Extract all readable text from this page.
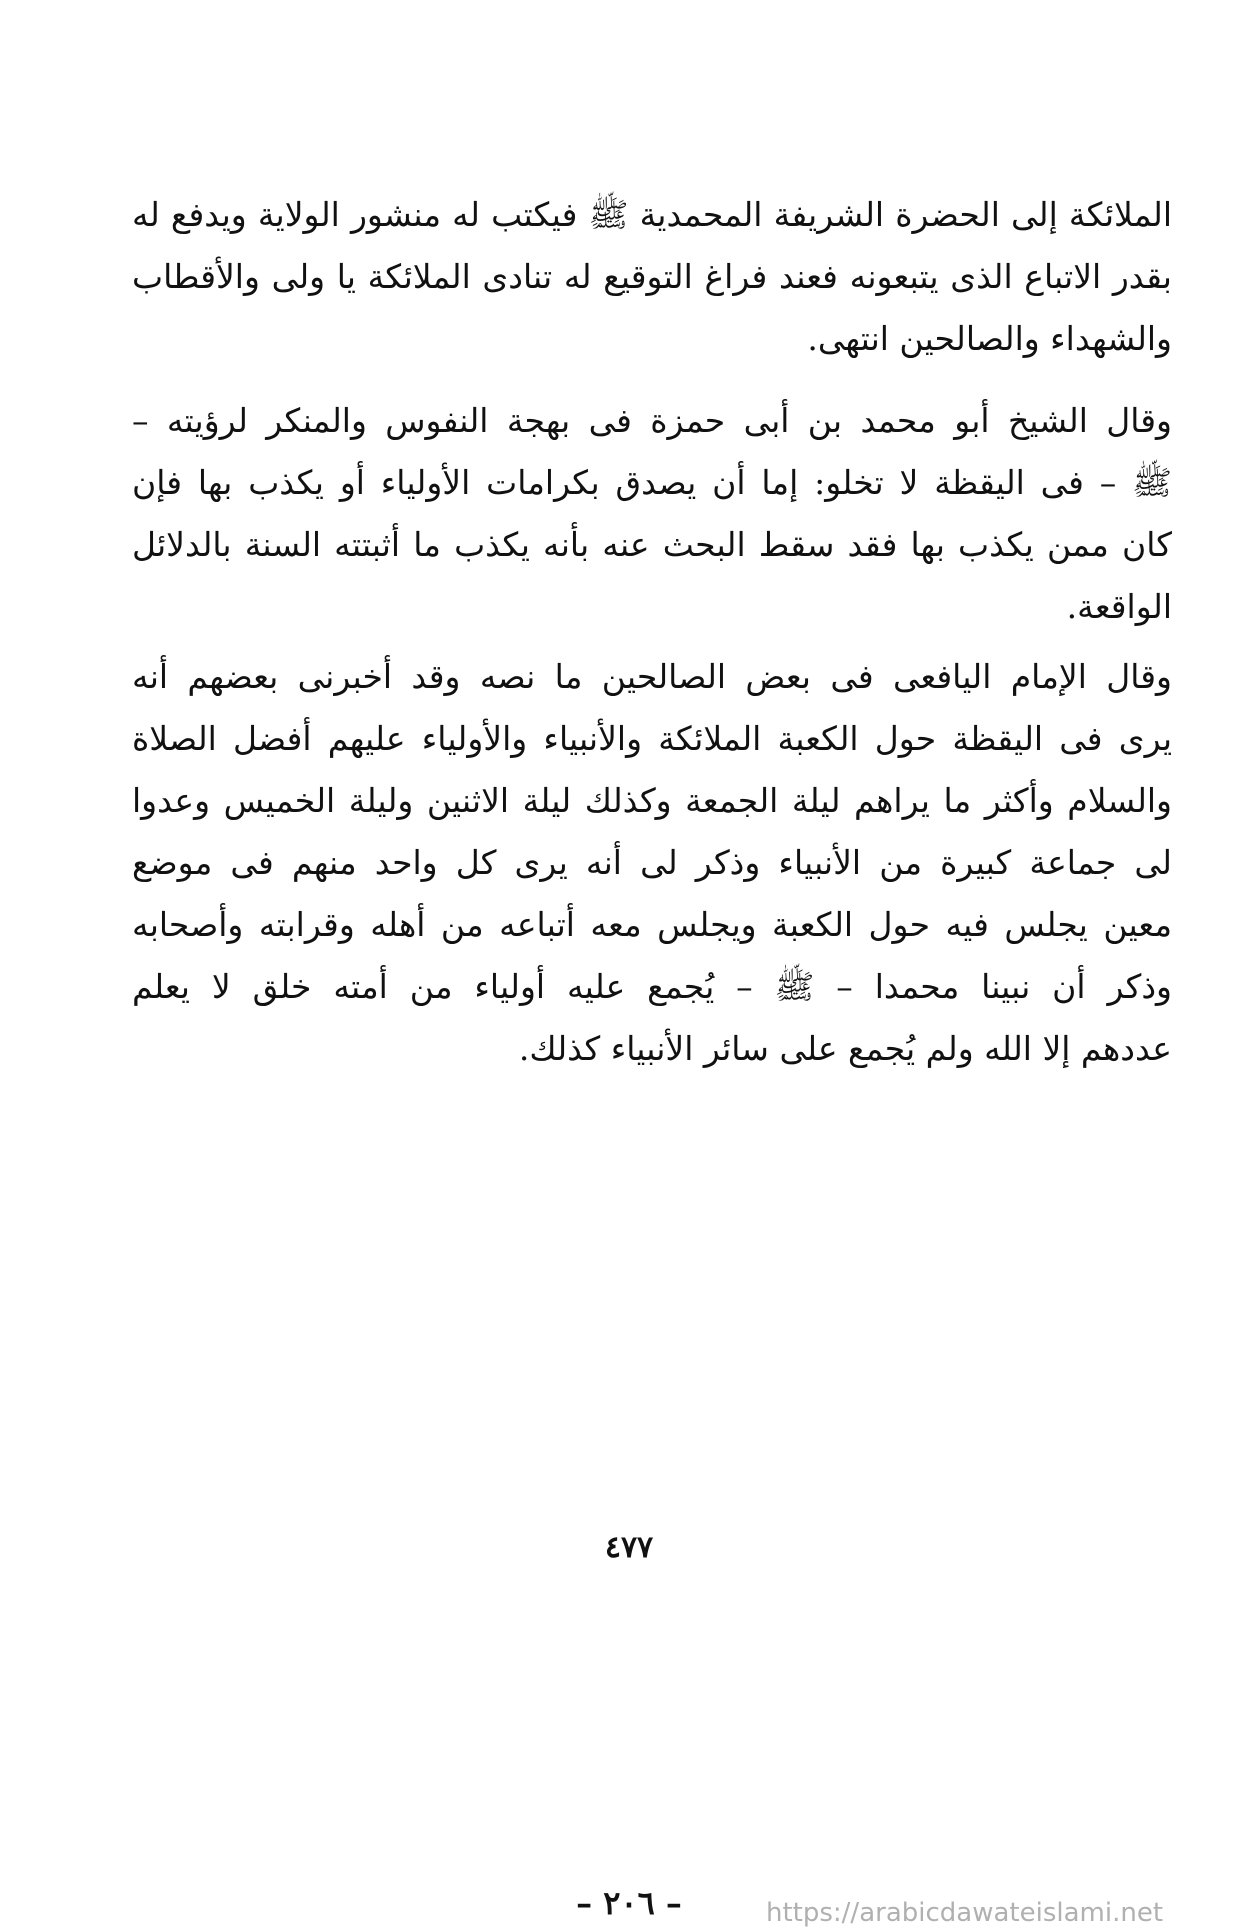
الملائكة إلى الحضرة الشريفة المحمدية ﷺ فيكتب له منشور الولاية ويدفع له
بقدر الاتباع الذى يتبعونه فعند فراغ التوقيع له تنادى الملائكة يا ولى والأقطاب
والشهداء والصالحين انتهى.
وقال الشيخ أبو محمد بن أبى حمزة فى بهجة النفوس والمنكر لرؤيته –
ﷺ – فى اليقظة لا تخلو: إما أن يصدق بكرامات الأولياء أو يكذب بها فإن
كان ممن يكذب بها فقد سقط البحث عنه بأنه يكذب ما أثبتته السنة بالدلائل
الواقعة.
وقال الإمام اليافعى فى بعض الصالحين ما نصه وقد أخبرنى بعضهم أنه
يرى فى اليقظة حول الكعبة الملائكة والأنبياء والأولياء عليهم أفضل الصلاة
والسلام وأكثر ما يراهم ليلة الجمعة وكذلك ليلة الاثنين وليلة الخميس وعدوا
لى جماعة كبيرة من الأنبياء وذكر لى أنه يرى كل واحد منهم فى موضع
معين يجلس فيه حول الكعبة ويجلس معه أتباعه من أهله وقرابته وأصحابه
وذكر أن نبينا محمدا – ﷺ – يُجمع عليه أولياء من أمته خلق لا يعلم
عددهم إلا الله ولم يُجمع على سائر الأنبياء كذلك.
٤٧٧
– ٢٠٦ –	https://arabicdawateislami.net
